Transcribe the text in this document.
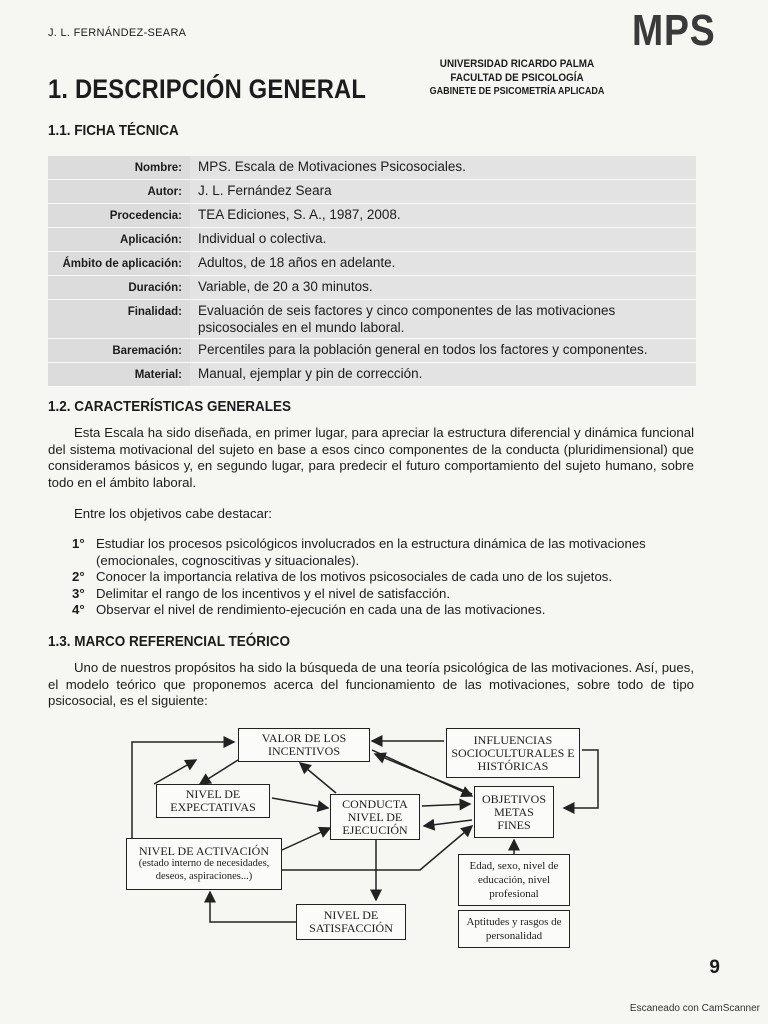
J. L. FERNÁNDEZ-SEARA	MPS
UNIVERSIDAD RICARDO PALMA
FACULTAD DE PSICOLOGÍA
GABINETE DE PSICOMETRÍA APLICADA
1. DESCRIPCIÓN GENERAL
1.1. FICHA TÉCNICA
Nombre:	MPS. Escala de Motivaciones Psicosociales.
Autor:	J. L. Fernández Seara
Procedencia:	TEA Ediciones, S. A., 1987, 2008.
Aplicación:	Individual o colectiva.
Ámbito de aplicación:	Adultos, de 18 años en adelante.
Duración:	Variable, de 20 a 30 minutos.
Finalidad:	Evaluación de seis factores y cinco componentes de las motivaciones psicosociales en el mundo laboral.
Baremación:	Percentiles para la población general en todos los factores y componentes.
Material:	Manual, ejemplar y pin de corrección.
1.2. CARACTERÍSTICAS GENERALES
Esta Escala ha sido diseñada, en primer lugar, para apreciar la estructura diferencial y dinámica funcional del sistema motivacional del sujeto en base a esos cinco componentes de la conducta (pluridimensional) que consideramos básicos y, en segundo lugar, para predecir el futuro comportamiento del sujeto humano, sobre todo en el ámbito laboral.
Entre los objetivos cabe destacar:
1° Estudiar los procesos psicológicos involucrados en la estructura dinámica de las motivaciones (emocionales, cognoscitivas y situacionales).
2° Conocer la importancia relativa de los motivos psicosociales de cada uno de los sujetos.
3° Delimitar el rango de los incentivos y el nivel de satisfacción.
4° Observar el nivel de rendimiento-ejecución en cada una de las motivaciones.
1.3. MARCO REFERENCIAL TEÓRICO
Uno de nuestros propósitos ha sido la búsqueda de una teoría psicológica de las motivaciones. Así, pues, el modelo teórico que proponemos acerca del funcionamiento de las motivaciones, sobre todo de tipo psicosocial, es el siguiente:
VALOR DE LOS INCENTIVOS
INFLUENCIAS SOCIOCULTURALES E HISTÓRICAS
NIVEL DE EXPECTATIVAS	CONDUCTA NIVEL DE EJECUCIÓN
OBJETIVOS METAS FINES
NIVEL DE ACTIVACIÓN
(estado interno de necesidades, deseos, aspiraciones...)
Edad, sexo, nivel de educación, nivel profesional
Aptitudes y rasgos de personalidad
NIVEL DE SATISFACCIÓN
9
Escaneado con CamScanner
